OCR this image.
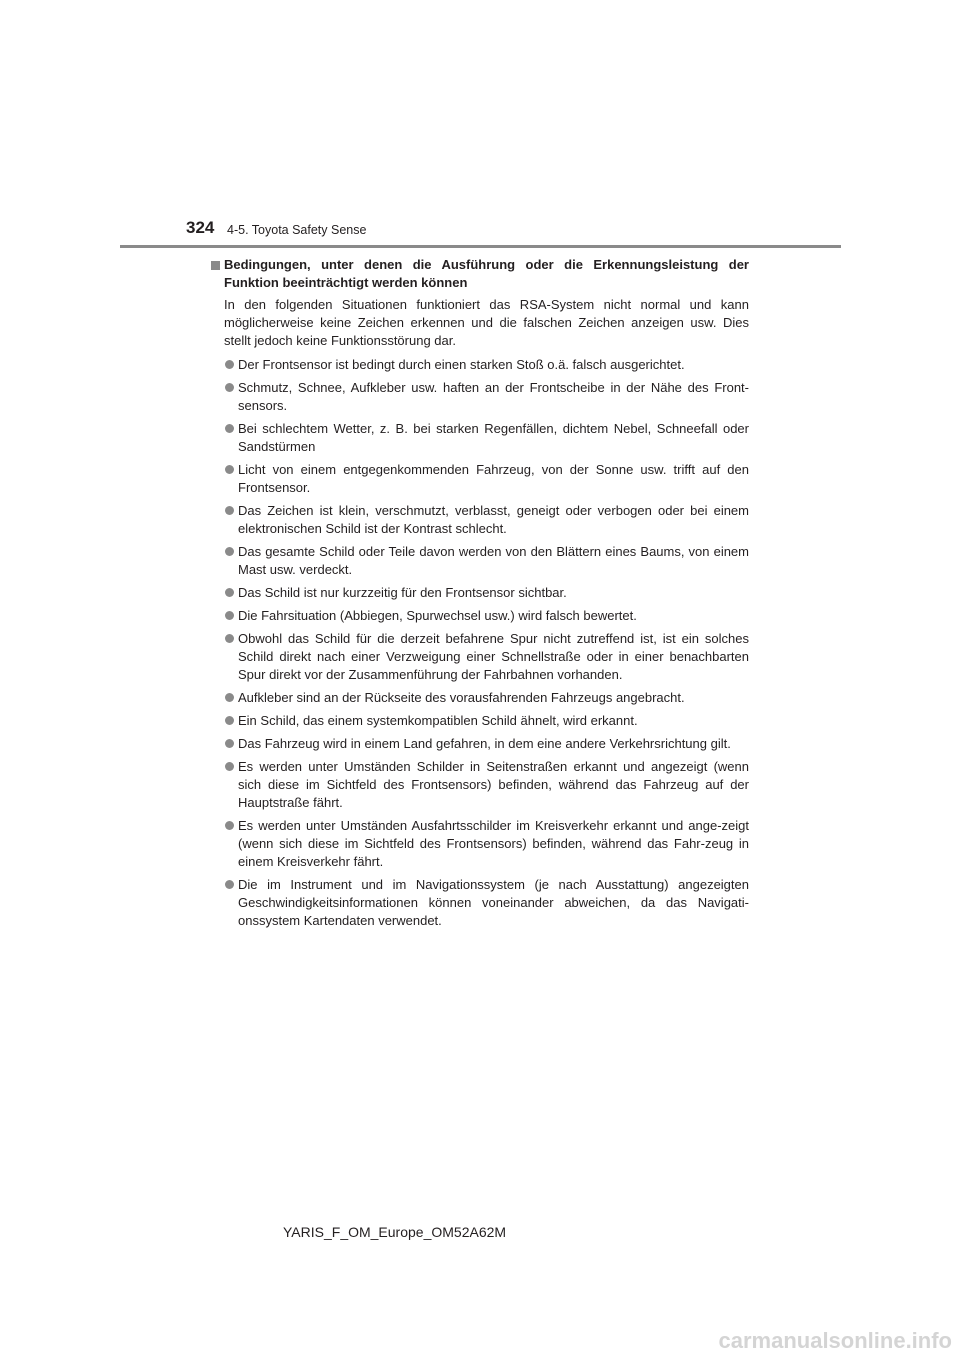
324 4-5. Toyota Safety Sense
Bedingungen, unter denen die Ausführung oder die Erkennungsleistung der Funktion beeinträchtigt werden können
In den folgenden Situationen funktioniert das RSA-System nicht normal und kann möglicherweise keine Zeichen erkennen und die falschen Zeichen anzeigen usw. Dies stellt jedoch keine Funktionsstörung dar.
Der Frontsensor ist bedingt durch einen starken Stoß o.ä. falsch ausgerichtet.
Schmutz, Schnee, Aufkleber usw. haften an der Frontscheibe in der Nähe des Front-sensors.
Bei schlechtem Wetter, z. B. bei starken Regenfällen, dichtem Nebel, Schneefall oder Sandstürmen
Licht von einem entgegenkommenden Fahrzeug, von der Sonne usw. trifft auf den Frontsensor.
Das Zeichen ist klein, verschmutzt, verblasst, geneigt oder verbogen oder bei einem elektronischen Schild ist der Kontrast schlecht.
Das gesamte Schild oder Teile davon werden von den Blättern eines Baums, von einem Mast usw. verdeckt.
Das Schild ist nur kurzzeitig für den Frontsensor sichtbar.
Die Fahrsituation (Abbiegen, Spurwechsel usw.) wird falsch bewertet.
Obwohl das Schild für die derzeit befahrene Spur nicht zutreffend ist, ist ein solches Schild direkt nach einer Verzweigung einer Schnellstraße oder in einer benachbarten Spur direkt vor der Zusammenführung der Fahrbahnen vorhanden.
Aufkleber sind an der Rückseite des vorausfahrenden Fahrzeugs angebracht.
Ein Schild, das einem systemkompatiblen Schild ähnelt, wird erkannt.
Das Fahrzeug wird in einem Land gefahren, in dem eine andere Verkehrsrichtung gilt.
Es werden unter Umständen Schilder in Seitenstraßen erkannt und angezeigt (wenn sich diese im Sichtfeld des Frontsensors) befinden, während das Fahrzeug auf der Hauptstraße fährt.
Es werden unter Umständen Ausfahrtsschilder im Kreisverkehr erkannt und ange-zeigt (wenn sich diese im Sichtfeld des Frontsensors) befinden, während das Fahr-zeug in einem Kreisverkehr fährt.
Die im Instrument und im Navigationssystem (je nach Ausstattung) angezeigten Geschwindigkeitsinformationen können voneinander abweichen, da das Navigati-onssystem Kartendaten verwendet.
YARIS_F_OM_Europe_OM52A62M
carmanualsonline.info
